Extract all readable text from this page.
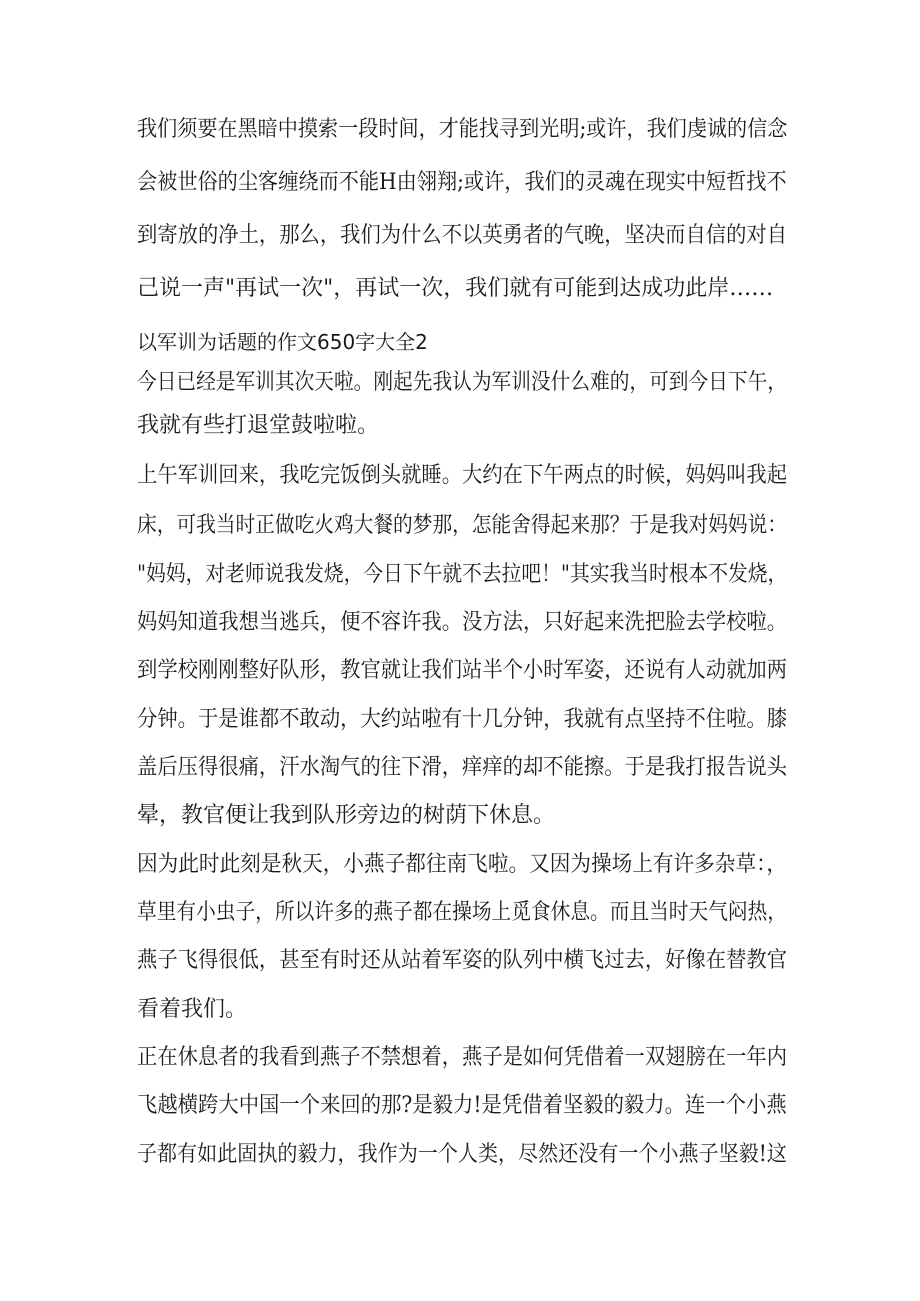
我们须要在黑暗中摸索一段时间，才能找寻到光明;或许，我们虔诚的信念
会被世俗的尘客缠绕而不能H由翎翔;或许，我们的灵魂在现实中短哲找不
到寄放的净土，那么，我们为什么不以英勇者的气晚，坚决而自信的对自
己说一声"再试一次"，再试一次，我们就有可能到达成功此岸……
以军训为话题的作文650字大全2
今日已经是军训其次天啦。刚起先我认为军训没什么难的，可到今日下午，
我就有些打退堂鼓啦啦。
上午军训回来，我吃完饭倒头就睡。大约在下午两点的时候，妈妈叫我起
床，可我当时正做吃火鸡大餐的梦那，怎能舍得起来那？于是我对妈妈说：
"妈妈，对老师说我发烧，今日下午就不去拉吧！"其实我当时根本不发烧，
妈妈知道我想当逃兵，便不容许我。没方法，只好起来洗把脸去学校啦。
到学校刚刚整好队形，教官就让我们站半个小时军姿，还说有人动就加两
分钟。于是谁都不敢动，大约站啦有十几分钟，我就有点坚持不住啦。膝
盖后压得很痛，汗水淘气的往下滑，痒痒的却不能擦。于是我打报告说头
晕，教官便让我到队形旁边的树荫下休息。
因为此时此刻是秋天，小燕子都往南飞啦。又因为操场上有许多杂草：，
草里有小虫子，所以许多的燕子都在操场上觅食休息。而且当时天气闷热，
燕子飞得很低，甚至有时还从站着军姿的队列中横飞过去，好像在替教官
看着我们。
正在休息者的我看到燕子不禁想着，燕子是如何凭借着一双翅膀在一年内
飞越横跨大中国一个来回的那?是毅力!是凭借着坚毅的毅力。连一个小燕
子都有如此固执的毅力，我作为一个人类，尽然还没有一个小燕子坚毅!这
